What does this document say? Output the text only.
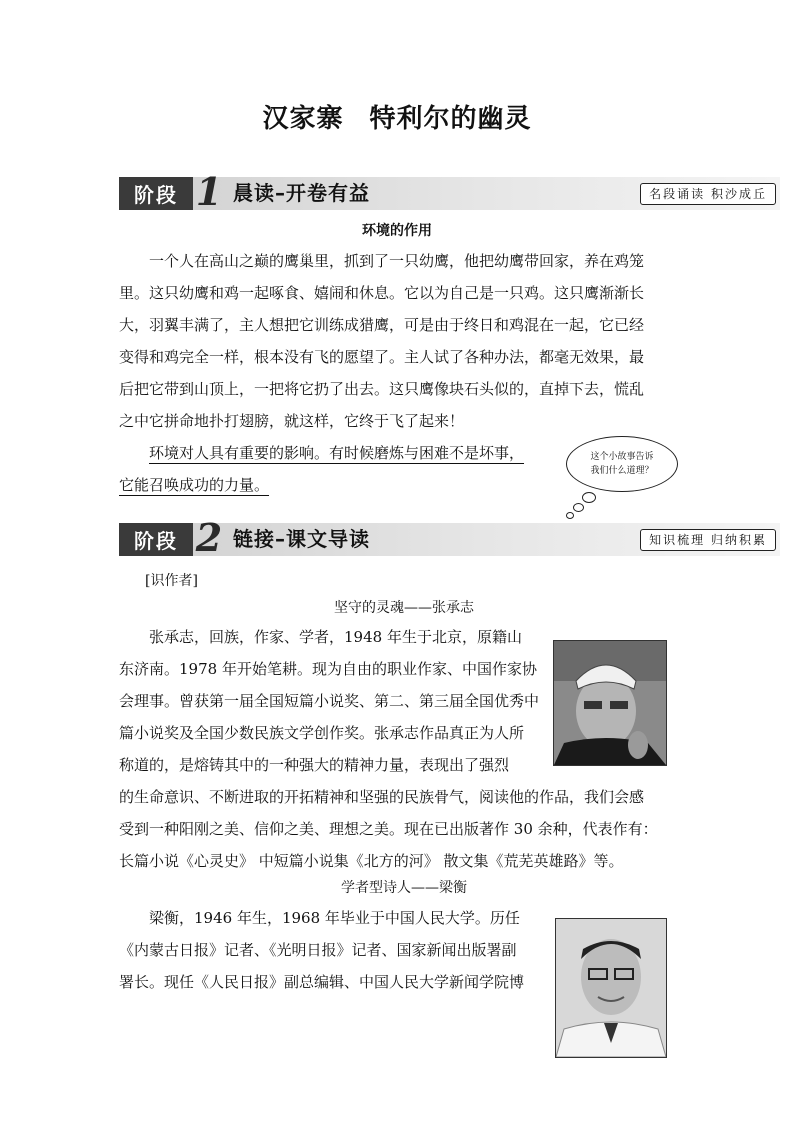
汉家寨 特利尔的幽灵
阶段 1 晨读–开卷有益	名段诵读 积沙成丘
环境的作用
一个人在高山之巅的鹰巢里，抓到了一只幼鹰，他把幼鹰带回家，养在鸡笼
里。这只幼鹰和鸡一起啄食、嬉闹和休息。它以为自己是一只鸡。这只鹰渐渐长
大，羽翼丰满了，主人想把它训练成猎鹰，可是由于终日和鸡混在一起，它已经
变得和鸡完全一样，根本没有飞的愿望了。主人试了各种办法，都毫无效果，最
后把它带到山顶上，一把将它扔了出去。这只鹰像块石头似的，直掉下去，慌乱
之中它拼命地扑打翅膀，就这样，它终于飞了起来！
环境对人具有重要的影响。有时候磨炼与困难不是坏事，
它能召唤成功的力量。
这个小故事告诉
我们什么道理？
阶段 2 链接–课文导读	知识梳理 归纳积累
[识作者]
坚守的灵魂——张承志
张承志，回族，作家、学者，1948 年生于北京，原籍山
东济南。1978 年开始笔耕。现为自由的职业作家、中国作家协
会理事。曾获第一届全国短篇小说奖、第二、第三届全国优秀中
篇小说奖及全国少数民族文学创作奖。张承志作品真正为人所
称道的，是熔铸其中的一种强大的精神力量，表现出了强烈
的生命意识、不断进取的开拓精神和坚强的民族骨气，阅读他的作品，我们会感
受到一种阳刚之美、信仰之美、理想之美。现在已出版著作 30 余种，代表作有：
长篇小说《心灵史》 中短篇小说集《北方的河》 散文集《荒芜英雄路》等。
学者型诗人——梁衡
梁衡，1946 年生，1968 年毕业于中国人民大学。历任
《内蒙古日报》记者、《光明日报》记者、国家新闻出版署副
署长。现任《人民日报》副总编辑、中国人民大学新闻学院博
